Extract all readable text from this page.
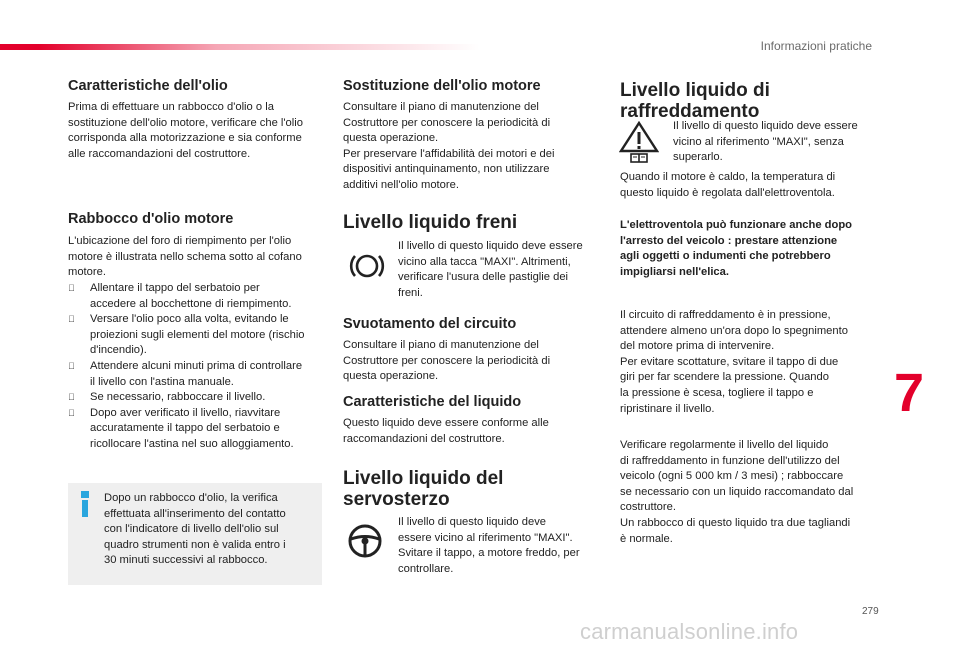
Informazioni pratiche
Caratteristiche dell'olio

Prima di effettuare un rabbocco d'olio o la
sostituzione dell'olio motore, verificare che l'olio
corrisponda alla motorizzazione e sia conforme
alle raccomandazioni del costruttore.

Rabbocco d'olio motore

L'ubicazione del foro di riempimento per l'olio
motore è illustrata nello schema sotto al cofano
motore.

Allentare il tappo del serbatoio per
accedere al bocchettone di riempimento.
Versare l'olio poco alla volta, evitando le
proiezioni sugli elementi del motore (rischio
d'incendio).
Attendere alcuni minuti prima di controllare
il livello con l'astina manuale.
Se necessario, rabboccare il livello.
Dopo aver verificato il livello, riavvitare
accuratamente il tappo del serbatoio e
ricollocare l'astina nel suo alloggiamento.

Dopo un rabbocco d'olio, la verifica
effettuata all'inserimento del contatto
con l'indicatore di livello dell'olio sul
quadro strumenti non è valida entro i
30 minuti successivi al rabbocco.

Sostituzione dell'olio motore

Consultare il piano di manutenzione del
Costruttore per conoscere la periodicità di
questa operazione.
Per preservare l'affidabilità dei motori e dei
dispositivi antinquinamento, non utilizzare
additivi nell'olio motore.

Livello liquido freni

Il livello di questo liquido deve essere
vicino alla tacca "MAXI". Altrimenti,
verificare l'usura delle pastiglie dei
freni.

Svuotamento del circuito

Consultare il piano di manutenzione del
Costruttore per conoscere la periodicità di
questa operazione.

Caratteristiche del liquido

Questo liquido deve essere conforme alle
raccomandazioni del costruttore.

Livello liquido del
servosterzo

Il livello di questo liquido deve
essere vicino al riferimento "MAXI".
Svitare il tappo, a motore freddo, per
controllare.

Livello liquido di
raffreddamento

Il livello di questo liquido deve essere
vicino al riferimento "MAXI", senza
superarlo.

Quando il motore è caldo, la temperatura di
questo liquido è regolata dall'elettroventola.

L'elettroventola può funzionare anche dopo
l'arresto del veicolo : prestare attenzione
agli oggetti o indumenti che potrebbero
impigliarsi nell'elica.

Il circuito di raffreddamento è in pressione,
attendere almeno un'ora dopo lo spegnimento
del motore prima di intervenire.
Per evitare scottature, svitare il tappo di due
giri per far scendere la pressione. Quando
la pressione è scesa, togliere il tappo e
ripristinare il livello.

Verificare regolarmente il livello del liquido
di raffreddamento in funzione dell'utilizzo del
veicolo (ogni 5 000 km / 3 mesi) ; rabboccare
se necessario con un liquido raccomandato dal
costruttore.
Un rabbocco di questo liquido tra due tagliandi
è normale.

7
279
carmanualsonline.info
